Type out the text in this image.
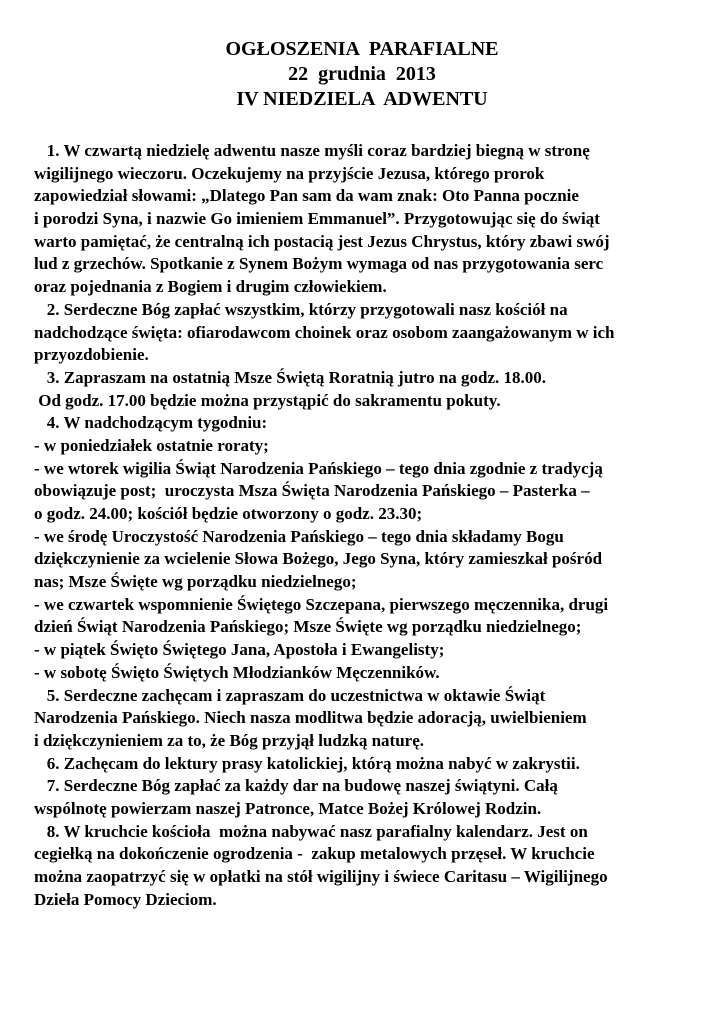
OGŁOSZENIA  PARAFIALNE
22  grudnia  2013
IV NIEDZIELA  ADWENTU
1. W czwartą niedzielę adwentu nasze myśli coraz bardziej biegną w stronę
wigilijnego wieczoru. Oczekujemy na przyjście Jezusa, którego prorok
zapowiedział słowami: „Dlatego Pan sam da wam znak: Oto Panna pocznie
i porodzi Syna, i nazwie Go imieniem Emmanuel”. Przygotowując się do świąt
warto pamiętać, że centralną ich postacią jest Jezus Chrystus, który zbawi swój
lud z grzechów. Spotkanie z Synem Bożym wymaga od nas przygotowania serc
oraz pojednania z Bogiem i drugim człowiekiem.
2. Serdeczne Bóg zapłać wszystkim, którzy przygotowali nasz kościół na
nadchodzące święta: ofiarodawcom choinek oraz osobom zaangażowanym w ich
przyozdobienie.
3. Zapraszam na ostatnią Msze Świętą Roratnią jutro na godz. 18.00.
Od godz. 17.00 będzie można przystąpić do sakramentu pokuty.
4. W nadchodzącym tygodniu:
- w poniedziałek ostatnie roraty;
- we wtorek wigilia Świąt Narodzenia Pańskiego – tego dnia zgodnie z tradycją
obowiązuje post;  uroczysta Msza Święta Narodzenia Pańskiego – Pasterka –
o godz. 24.00; kościół będzie otworzony o godz. 23.30;
- we środę Uroczystość Narodzenia Pańskiego – tego dnia składamy Bogu
dziękczynienie za wcielenie Słowa Bożego, Jego Syna, który zamieszkał pośród
nas; Msze Święte wg porządku niedzielnego;
- we czwartek wspomnienie Świętego Szczepana, pierwszego męczennika, drugi
dzień Świąt Narodzenia Pańskiego; Msze Święte wg porządku niedzielnego;
- w piątek Święto Świętego Jana, Apostoła i Ewangelisty;
- w sobotę Święto Świętych Młodzianków Męczenników.
5. Serdeczne zachęcam i zapraszam do uczestnictwa w oktawie Świąt
Narodzenia Pańskiego. Niech nasza modlitwa będzie adoracją, uwielbieniem
i dziękczynieniem za to, że Bóg przyjął ludzką naturę.
6. Zachęcam do lektury prasy katolickiej, którą można nabyć w zakrystii.
7. Serdeczne Bóg zapłać za każdy dar na budowę naszej świątyni. Całą
wspólnotę powierzam naszej Patronce, Matce Bożej Królowej Rodzin.
8. W kruchcie kościoła  można nabywać nasz parafialny kalendarz. Jest on
cegiełką na dokończenie ogrodzenia -  zakup metalowych przęseł. W kruchcie
można zaopatrzyć się w opłatki na stół wigilijny i świece Caritasu – Wigilijnego
Dzieła Pomocy Dzieciom.
